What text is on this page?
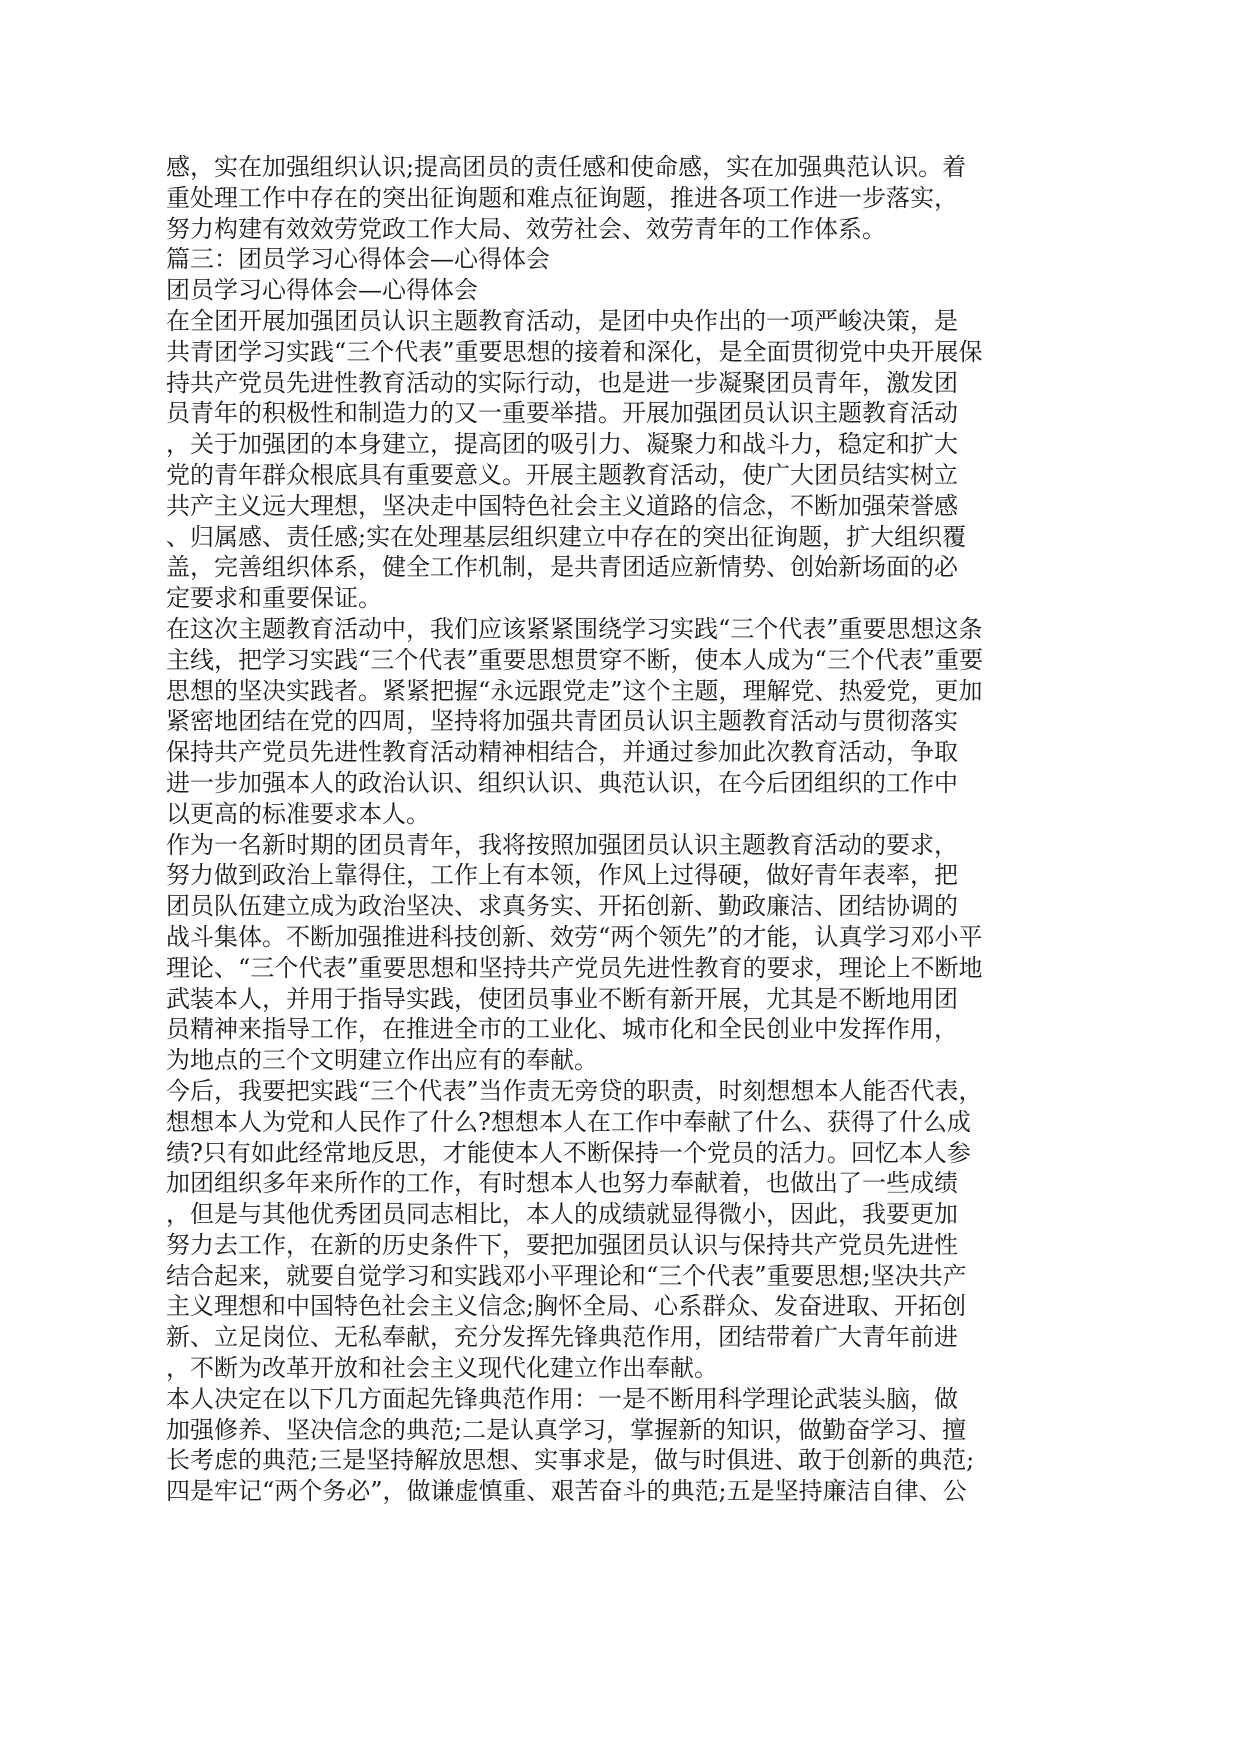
感，实在加强组织认识;提高团员的责任感和使命感，实在加强典范认识。着
重处理工作中存在的突出征询题和难点征询题，推进各项工作进一步落实，
努力构建有效效劳党政工作大局、效劳社会、效劳青年的工作体系。
篇三：团员学习心得体会—心得体会
团员学习心得体会—心得体会
在全团开展加强团员认识主题教育活动，是团中央作出的一项严峻决策，是
共青团学习实践“三个代表”重要思想的接着和深化，是全面贯彻党中央开展保
持共产党员先进性教育活动的实际行动，也是进一步凝聚团员青年，激发团
员青年的积极性和制造力的又一重要举措。开展加强团员认识主题教育活动
，关于加强团的本身建立，提高团的吸引力、凝聚力和战斗力，稳定和扩大
党的青年群众根底具有重要意义。开展主题教育活动，使广大团员结实树立
共产主义远大理想，坚决走中国特色社会主义道路的信念，不断加强荣誉感
、归属感、责任感;实在处理基层组织建立中存在的突出征询题，扩大组织覆
盖，完善组织体系，健全工作机制，是共青团适应新情势、创始新场面的必
定要求和重要保证。
在这次主题教育活动中，我们应该紧紧围绕学习实践“三个代表”重要思想这条
主线，把学习实践“三个代表”重要思想贯穿不断，使本人成为“三个代表”重要
思想的坚决实践者。紧紧把握“永远跟党走”这个主题，理解党、热爱党，更加
紧密地团结在党的四周，坚持将加强共青团员认识主题教育活动与贯彻落实
保持共产党员先进性教育活动精神相结合，并通过参加此次教育活动，争取
进一步加强本人的政治认识、组织认识、典范认识，在今后团组织的工作中
以更高的标准要求本人。
作为一名新时期的团员青年，我将按照加强团员认识主题教育活动的要求，
努力做到政治上靠得住，工作上有本领，作风上过得硬，做好青年表率，把
团员队伍建立成为政治坚决、求真务实、开拓创新、勤政廉洁、团结协调的
战斗集体。不断加强推进科技创新、效劳“两个领先”的才能，认真学习邓小平
理论、“三个代表”重要思想和坚持共产党员先进性教育的要求，理论上不断地
武装本人，并用于指导实践，使团员事业不断有新开展，尤其是不断地用团
员精神来指导工作，在推进全市的工业化、城市化和全民创业中发挥作用，
为地点的三个文明建立作出应有的奉献。
今后，我要把实践“三个代表”当作责无旁贷的职责，时刻想想本人能否代表，
想想本人为党和人民作了什么?想想本人在工作中奉献了什么、获得了什么成
绩?只有如此经常地反思，才能使本人不断保持一个党员的活力。回忆本人参
加团组织多年来所作的工作，有时想本人也努力奉献着，也做出了一些成绩
，但是与其他优秀团员同志相比，本人的成绩就显得微小，因此，我要更加
努力去工作，在新的历史条件下，要把加强团员认识与保持共产党员先进性
结合起来，就要自觉学习和实践邓小平理论和“三个代表”重要思想;坚决共产
主义理想和中国特色社会主义信念;胸怀全局、心系群众、发奋进取、开拓创
新、立足岗位、无私奉献，充分发挥先锋典范作用，团结带着广大青年前进
，不断为改革开放和社会主义现代化建立作出奉献。
本人决定在以下几方面起先锋典范作用：一是不断用科学理论武装头脑，做
加强修养、坚决信念的典范;二是认真学习，掌握新的知识，做勤奋学习、擅
长考虑的典范;三是坚持解放思想、实事求是，做与时俱进、敢于创新的典范;
四是牢记“两个务必”，做谦虚慎重、艰苦奋斗的典范;五是坚持廉洁自律、公
